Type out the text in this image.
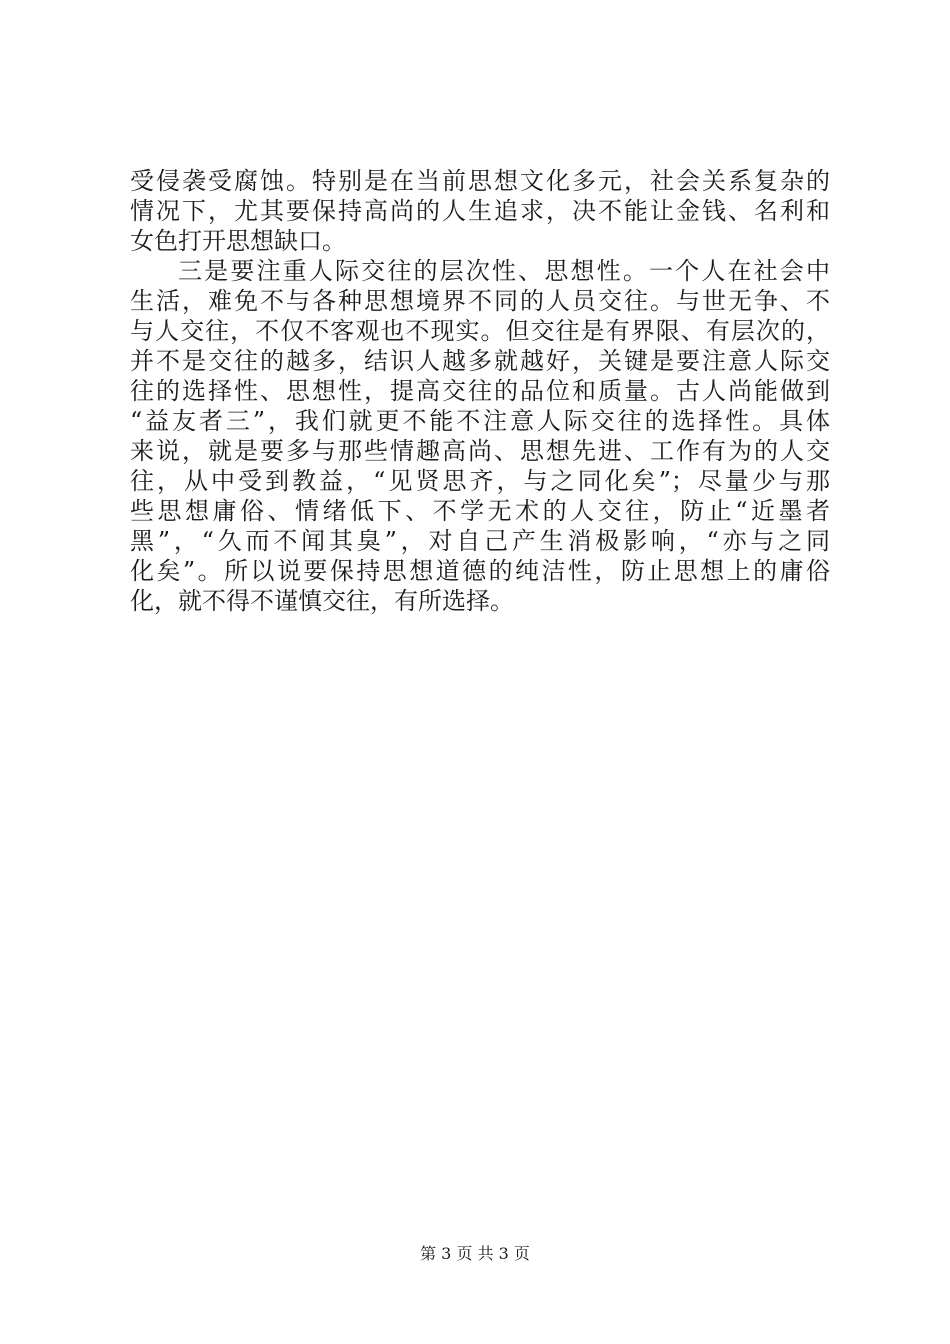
受侵袭受腐蚀。特别是在当前思想文化多元，社会关系复杂的
情况下，尤其要保持高尚的人生追求，决不能让金钱、名利和
女色打开思想缺口。
三是要注重人际交往的层次性、思想性。一个人在社会中
生活，难免不与各种思想境界不同的人员交往。与世无争、不
与人交往，不仅不客观也不现实。但交往是有界限、有层次的，
并不是交往的越多，结识人越多就越好，关键是要注意人际交
往的选择性、思想性，提高交往的品位和质量。古人尚能做到
“益友者三”，我们就更不能不注意人际交往的选择性。具体
来说，就是要多与那些情趣高尚、思想先进、工作有为的人交
往，从中受到教益，“见贤思齐，与之同化矣”；尽量少与那
些思想庸俗、情绪低下、不学无术的人交往，防止“近墨者
黑”，“久而不闻其臭”，对自己产生消极影响，“亦与之同
化矣”。所以说要保持思想道德的纯洁性，防止思想上的庸俗
化，就不得不谨慎交往，有所选择。
第 3 页 共 3 页
